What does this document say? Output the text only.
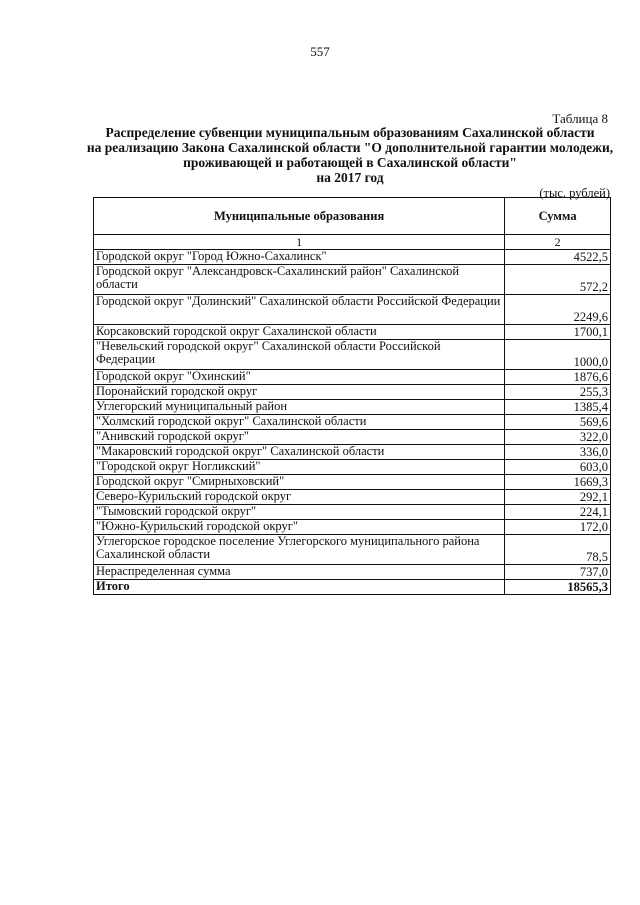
557
Таблица 8
Распределение субвенции муниципальным образованиям Сахалинской области
на реализацию Закона Сахалинской области "О дополнительной гарантии молодежи,
проживающей и работающей в Сахалинской области"
на 2017 год
(тыс. рублей)
Муниципальные образования	Сумма
1	2
Городской округ "Город Южно-Сахалинск"	4522,5
Городской округ "Александровск-Сахалинский район" Сахалинской области	572,2
Городской округ "Долинский" Сахалинской области Российской Федерации	2249,6
Корсаковский городской округ Сахалинской области	1700,1
"Невельский городской округ" Сахалинской области Российской Федерации	1000,0
Городской округ "Охинский"	1876,6
Поронайский городской округ	255,3
Углегорский муниципальный район	1385,4
"Холмский городской округ" Сахалинской области	569,6
"Анивский городской округ"	322,0
"Макаровский городской округ" Сахалинской области	336,0
"Городской округ Ногликский"	603,0
Городской округ "Смирныховский"	1669,3
Северо-Курильский городской округ	292,1
"Тымовский городской округ"	224,1
"Южно-Курильский городской округ"	172,0
Углегорское городское поселение Углегорского муниципального района Сахалинской области	78,5
Нераспределенная сумма	737,0
Итого	18565,3
